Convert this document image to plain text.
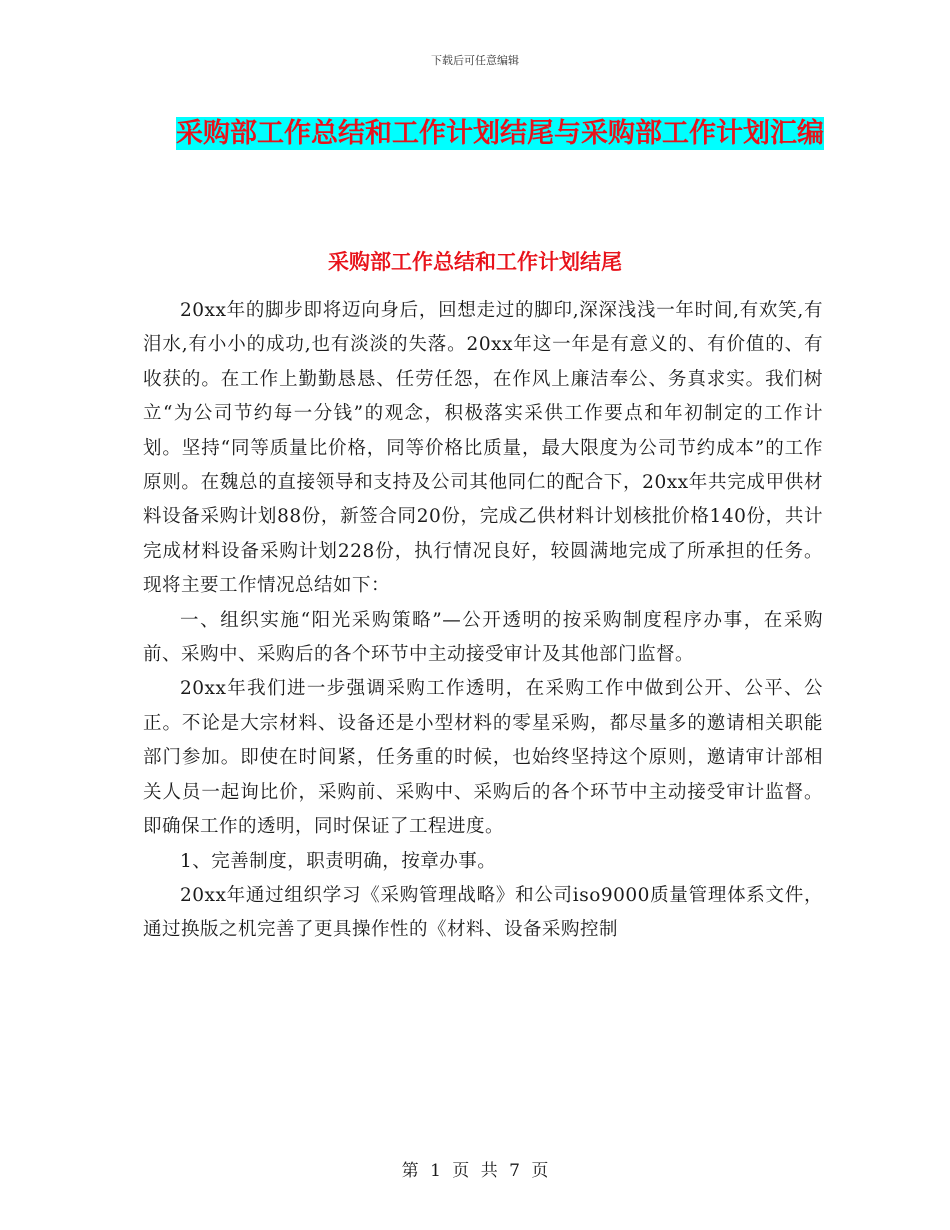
下载后可任意编辑
采购部工作总结和工作计划结尾与采购部工作计划汇编
采购部工作总结和工作计划结尾

20xx年的脚步即将迈向身后，回想走过的脚印,深深浅浅一年时间,有欢笑,有泪水,有小小的成功,也有淡淡的失落。20xx年这一年是有意义的、有价值的、有收获的。在工作上勤勤恳恳、任劳任怨，在作风上廉洁奉公、务真求实。我们树立“为公司节约每一分钱”的观念，积极落实采供工作要点和年初制定的工作计划。坚持“同等质量比价格，同等价格比质量，最大限度为公司节约成本”的工作原则。在魏总的直接领导和支持及公司其他同仁的配合下，20xx年共完成甲供材料设备采购计划88份，新签合同20份，完成乙供材料计划核批价格140份，共计完成材料设备采购计划228份，执行情况良好，较圆满地完成了所承担的任务。现将主要工作情况总结如下：

一、组织实施“阳光采购策略”—公开透明的按采购制度程序办事，在采购前、采购中、采购后的各个环节中主动接受审计及其他部门监督。

20xx年我们进一步强调采购工作透明，在采购工作中做到公开、公平、公正。不论是大宗材料、设备还是小型材料的零星采购，都尽量多的邀请相关职能部门参加。即使在时间紧，任务重的时候，也始终坚持这个原则，邀请审计部相关人员一起询比价，采购前、采购中、采购后的各个环节中主动接受审计监督。即确保工作的透明，同时保证了工程进度。

1、完善制度，职责明确，按章办事。

20xx年通过组织学习《采购管理战略》和公司iso9000质量管理体系文件，通过换版之机完善了更具操作性的《材料、设备采购控制

第 1 页 共 7 页
